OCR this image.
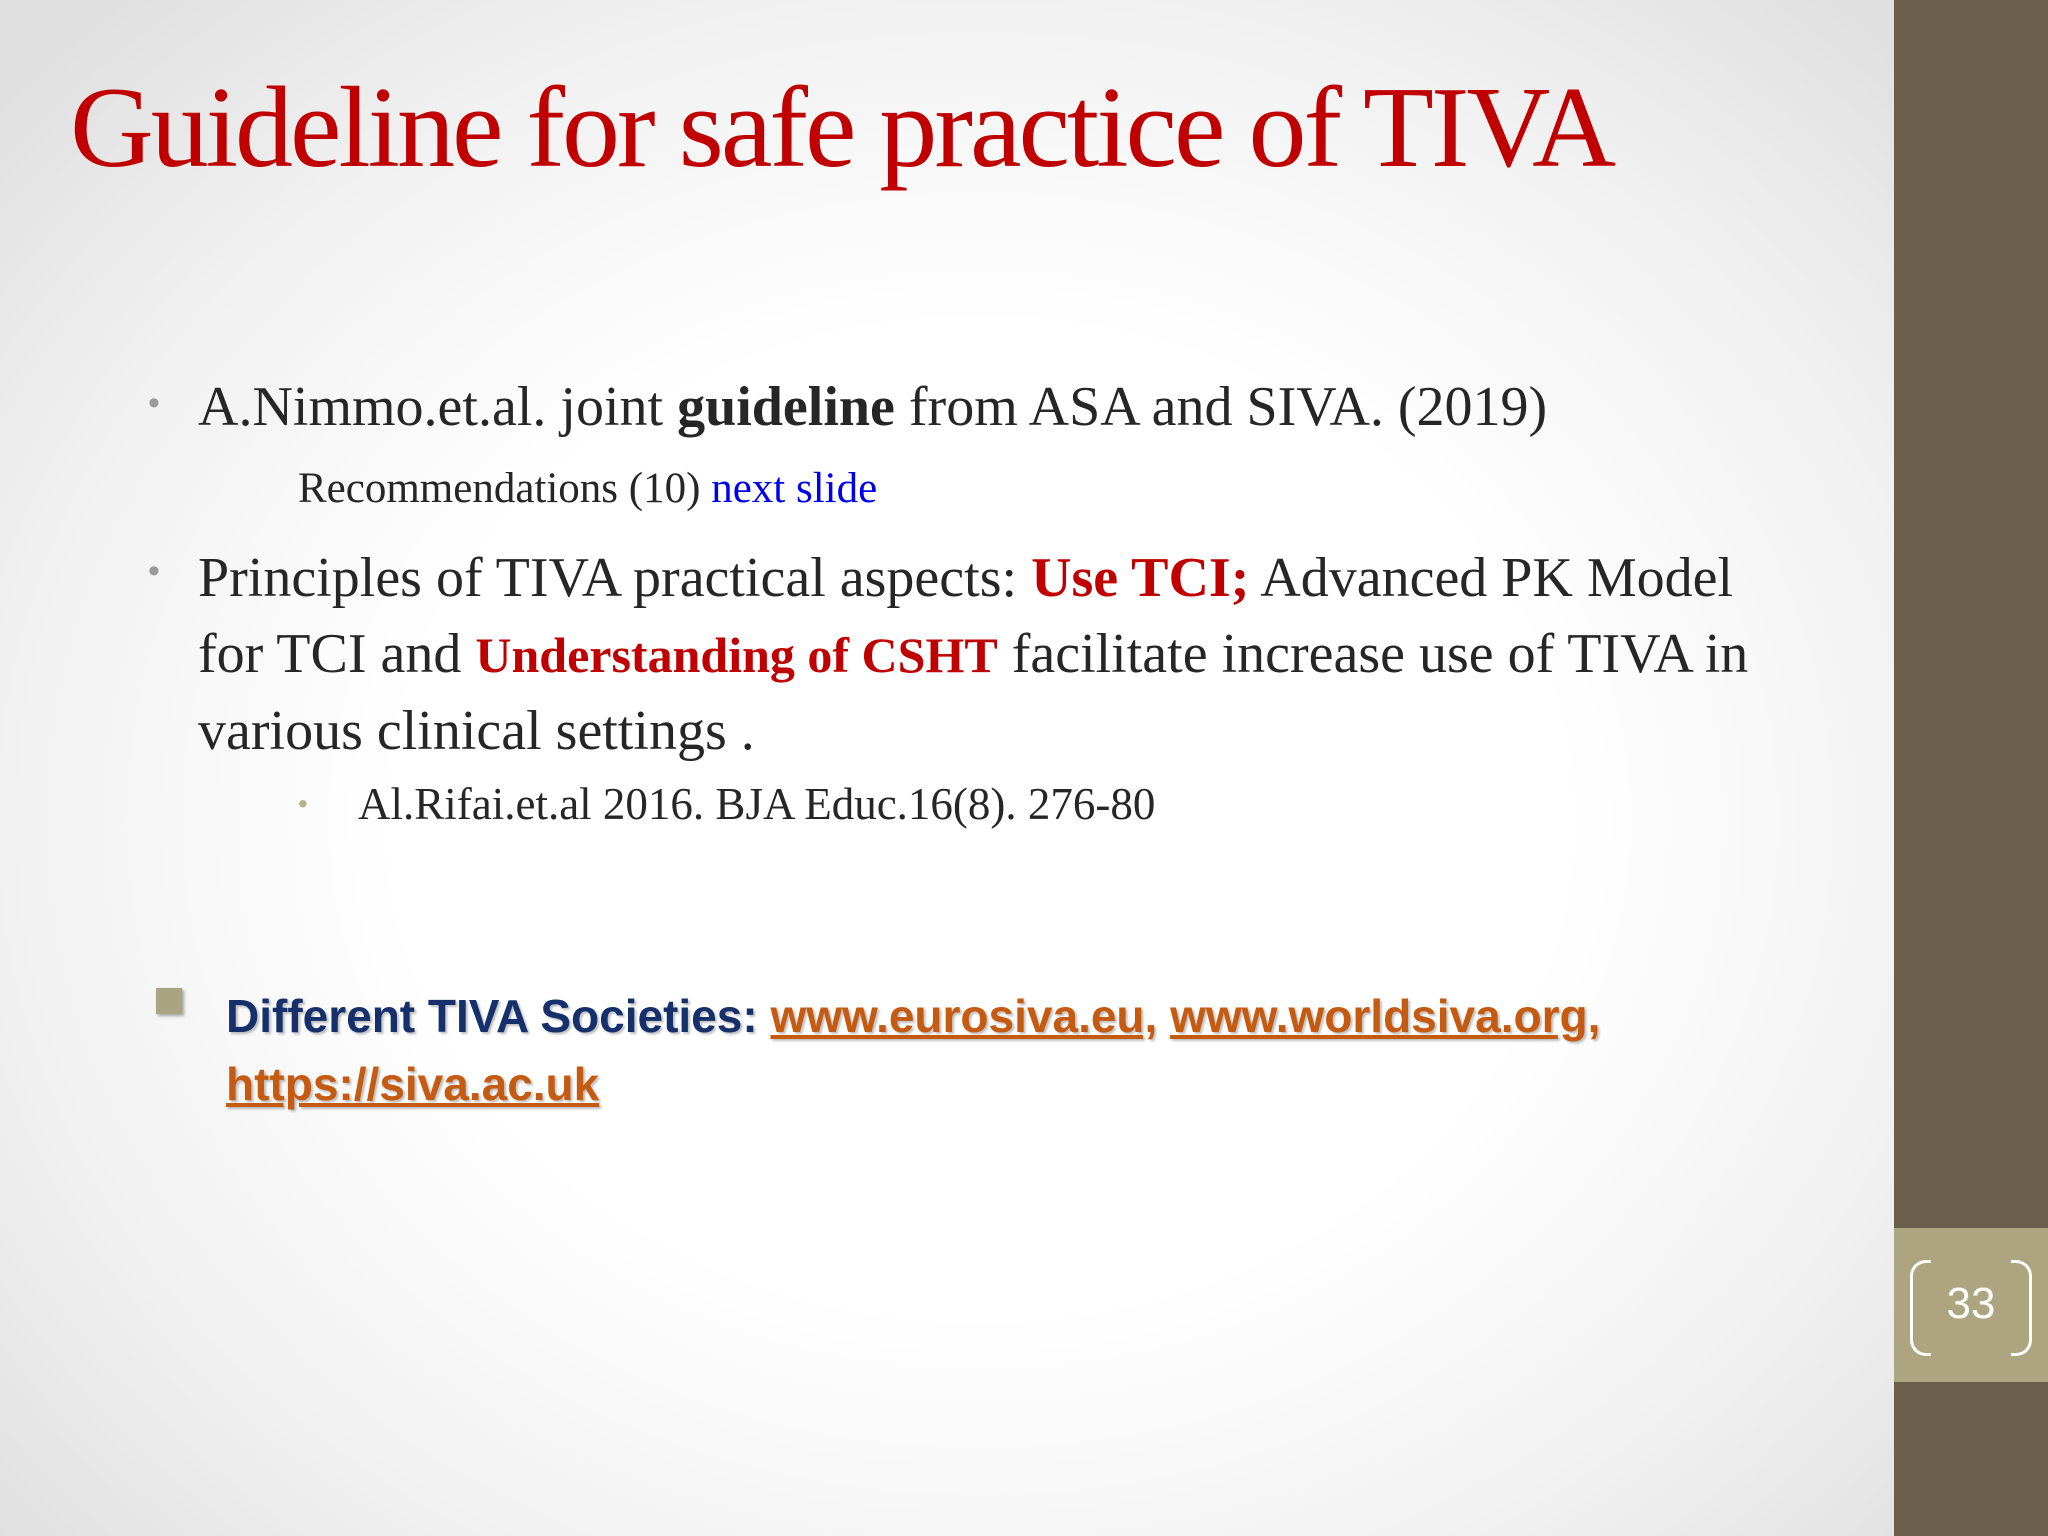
33
Guideline for safe practice of TIVA
• A.Nimmo.et.al. joint guideline from ASA and SIVA. (2019)
Recommendations (10) next slide
• Principles of TIVA practical aspects: Use TCI; Advanced PK Model for TCI and Understanding of CSHT facilitate increase use of TIVA in various clinical settings .
• Al.Rifai.et.al 2016. BJA Educ.16(8). 276-80
Different TIVA Societies: www.eurosiva.eu, www.worldsiva.org, https://siva.ac.uk
